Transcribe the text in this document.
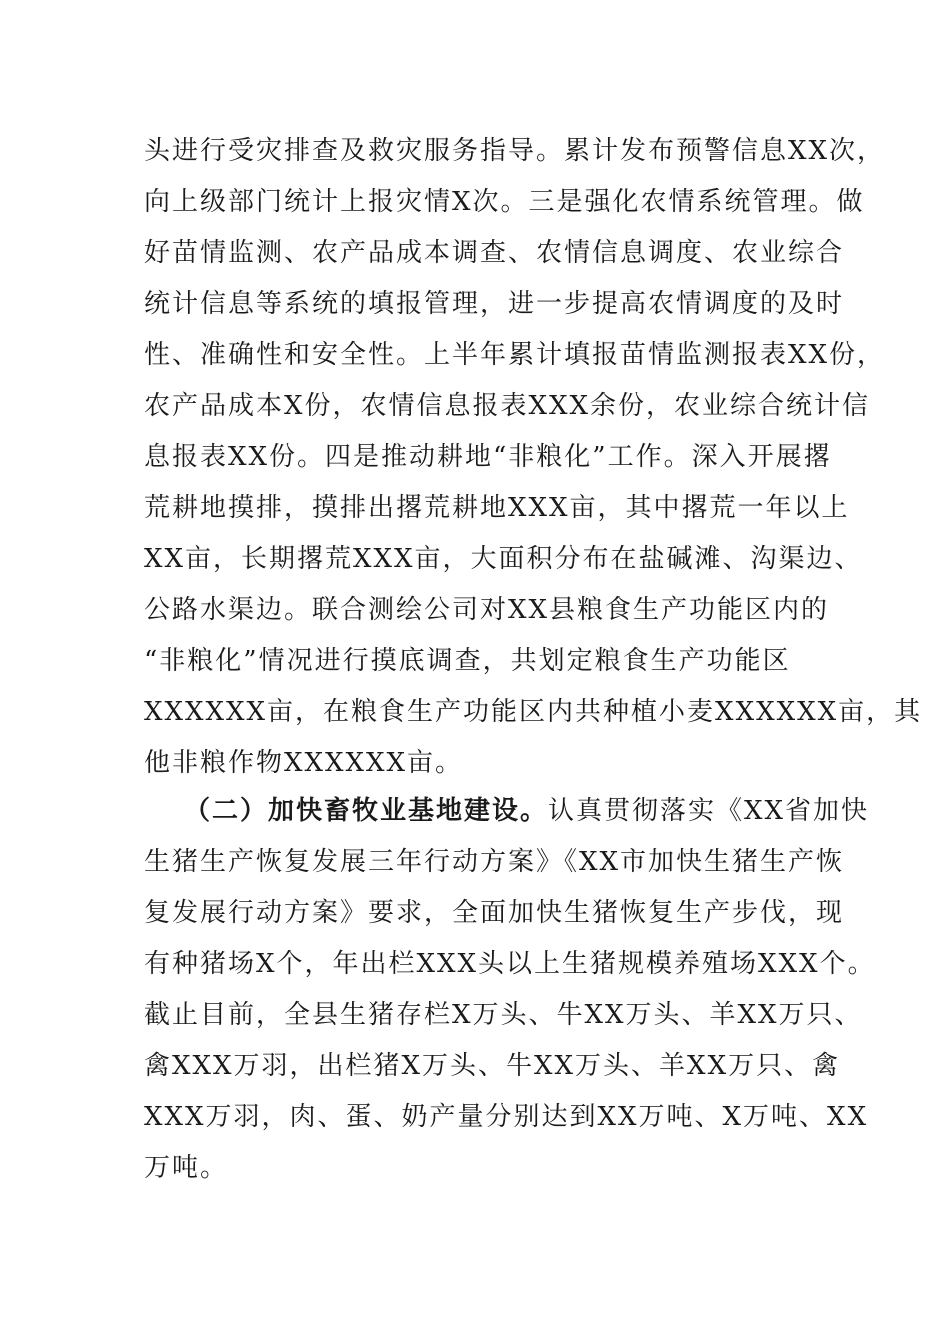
头进行受灾排查及救灾服务指导。累计发布预警信息XX次，
向上级部门统计上报灾情X次。三是强化农情系统管理。做
好苗情监测、农产品成本调查、农情信息调度、农业综合
统计信息等系统的填报管理，进一步提高农情调度的及时
性、准确性和安全性。上半年累计填报苗情监测报表XX份，
农产品成本X份，农情信息报表XXX余份，农业综合统计信
息报表XX份。四是推动耕地“非粮化”工作。深入开展撂
荒耕地摸排，摸排出撂荒耕地XXX亩，其中撂荒一年以上
XX亩，长期撂荒XXX亩，大面积分布在盐碱滩、沟渠边、
公路水渠边。联合测绘公司对XX县粮食生产功能区内的
“非粮化”情况进行摸底调查，共划定粮食生产功能区
XXXXXX亩，在粮食生产功能区内共种植小麦XXXXXX亩，其
他非粮作物XXXXXX亩。
（二）加快畜牧业基地建设。认真贯彻落实《XX省加快
生猪生产恢复发展三年行动方案》《XX市加快生猪生产恢
复发展行动方案》要求，全面加快生猪恢复生产步伐，现
有种猪场X个，年出栏XXX头以上生猪规模养殖场XXX个。
截止目前，全县生猪存栏X万头、牛XX万头、羊XX万只、
禽XXX万羽，出栏猪X万头、牛XX万头、羊XX万只、禽
XXX万羽，肉、蛋、奶产量分别达到XX万吨、X万吨、XX
万吨。
